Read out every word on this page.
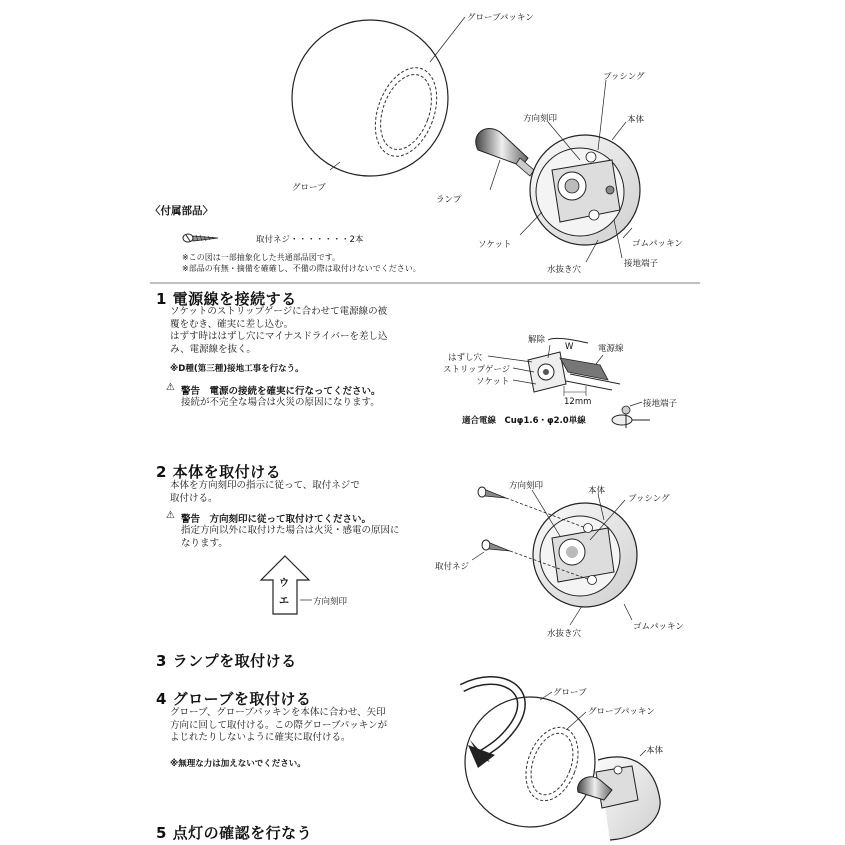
グローブパッキン
ブッシング
方向刻印	本体
グローブ
ランプ
ソケット	ゴムパッキン
接地端子
水抜き穴
〈付属部品〉
取付ネジ・・・・・・・2本
※この図は一部抽象化した共通部品図です。
※部品の有無・摘備を確確し、不備の際は取付けないでください。
1 電源線を接続する
ソケットのストリップゲージに合わせて電源線の被
覆をむき、確実に差し込む。
はずす時ははずし穴にマイナスドライバーを差し込
み、電源線を抜く。
※D種(第三種)接地工事を行なう。
⚠ 警告　電源の接続を確実に行なってください。
接続が不完全な場合は火災の原因になります。
解除
W	電源線
はずし穴
ストリップゲージ
ソケット
12mm	接地端子
適合電線　Cuφ1.6・φ2.0単線
2 本体を取付ける
本体を方向刻印の指示に従って、取付ネジで
取付ける。
⚠ 警告　方向刻印に従って取付けてください。
指定方向以外に取付けた場合は火災・感電の原因に
なります。
ウ
エ	方向刻印
方向刻印	本体
ブッシング
取付ネジ
水抜き穴
ゴムパッキン
3 ランプを取付ける
4 グローブを取付ける
グローブ、グローブパッキンを本体に合わせ、矢印
方向に回して取付ける。この際グローブパッキンが
よじれたりしないように確実に取付ける。
※無理な力は加えないでください。
グローブ
グローブパッキン
本体
5 点灯の確認を行なう
